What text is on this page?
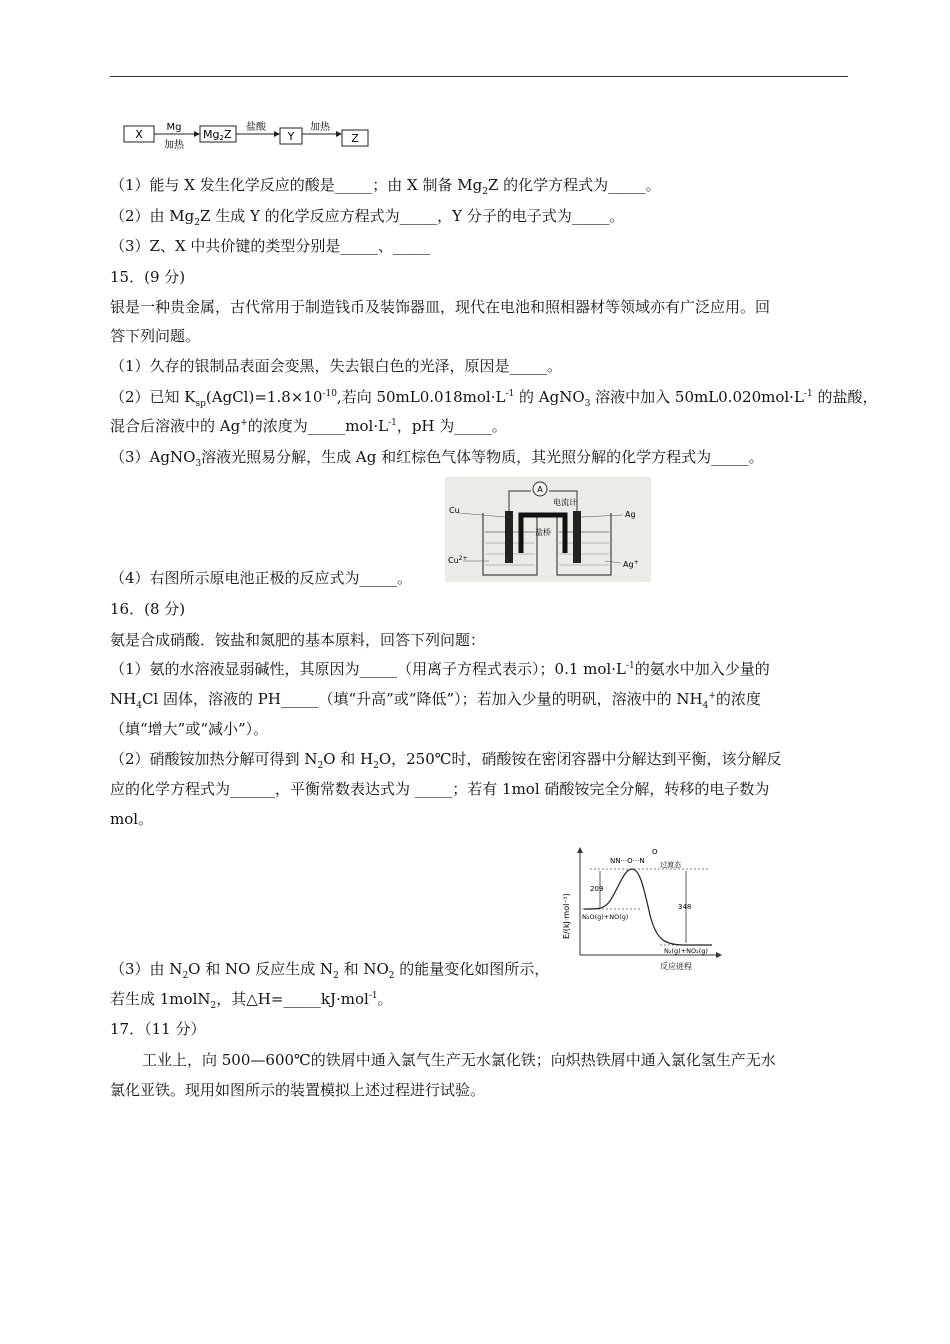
X
Mg
加热
Mg2Z
盐酸
Y
加热
Z
（1）能与 X 发生化学反应的酸是_____；由 X 制备 $Mg_2Z$ 的化学方程式为_____。
（2）由 $Mg_2Z$ 生成 Y 的化学反应方程式为_____，Y 分子的电子式为_____。
（3）Z、X 中共价键的类型分别是_____、_____
15．(9 分)
银是一种贵金属，古代常用于制造钱币及装饰器皿，现代在电池和照相器材等领域亦有广泛应用。回
答下列问题。
（1）久存的银制品表面会变黑，失去银白色的光泽，原因是_____。
（2）已知 $K_{sp}(AgCl)=1.8\times 10^{-10}$,若向 $50mL0.018mol\cdot L^{-1}$ 的 AgNO$_3$ 溶液中加入 $50mL0.020mol\cdot L^{-1}$ 的盐酸，
混合后溶液中的 Ag+的浓度为$\_\_\_\_\_mol\cdot L^{-1}$，pH 为_____。
（3）AgNO$_3$溶液光照易分解，生成 Ag 和红棕色气体等物质，其光照分解的化学方程式为_____。
A
电流计
盐桥
Cu	Ag
$Cu^{2+}$
Ag+
（4）右图所示原电池正极的反应式为_____。
16．(8 分)
氨是合成硝酸．铵盐和氮肥的基本原料，回答下列问题：
（1）氨的水溶液显弱碱性，其原因为_____（用离子方程式表示）；0.1 $mol\cdot L^{-1}$的氨水中加入少量的
$NH_4Cl$ 固体，溶液的 PH_____（填“升高”或“降低”）；若加入少量的明矾，溶液中的 $NH_4^+$的浓度
（填“增大”或“减小”）。
（2）硝酸铵加热分解可得到 $N_2O$ 和 $H_2O$，250℃时，硝酸铵在密闭容器中分解达到平衡，该分解反
应的化学方程式为______，平衡常数表达式为 _____；若有 1mol 硝酸铵完全分解，转移的电子数为
mol。
E/(kJ·mol⁻¹)
反应进程
209
348
NN···O···N
O
过渡态
N₂O(g)+NO(g)
N₂(g)+NO₂(g)
（3）由 $N_2O$ 和 NO 反应生成 $N_2$ 和 $NO_2$ 的能量变化如图所示，
若生成 1molN$_2$，其△H=_____kJ·mol$^{-1}$。
17．（11 分）
工业上，向 500—600℃的铁屑中通入氯气生产无水氯化铁；向炽热铁屑中通入氯化氢生产无水
氯化亚铁。现用如图所示的装置模拟上述过程进行试验。
